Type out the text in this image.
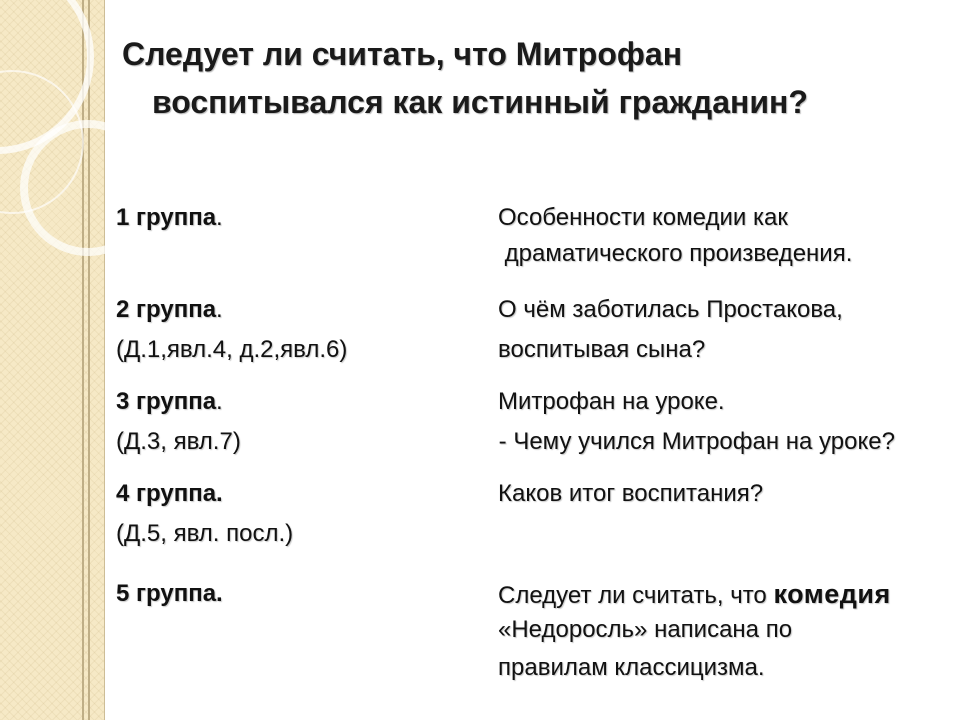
Следует ли считать, что Митрофан
воспитывался как истинный гражданин?
1 группа.	Особенности комедии как
драматического произведения.
2 группа.
(Д.1,явл.4, д.2,явл.6)
О чём заботилась Простакова,
воспитывая сына?
3 группа.
(Д.3, явл.7)
Митрофан на уроке.
- Чему учился Митрофан на уроке?
4 группа.
(Д.5, явл. посл.)
Каков итог воспитания?
5 группа.	Следует ли считать, что комедия
«Недоросль» написана по
правилам классицизма.
